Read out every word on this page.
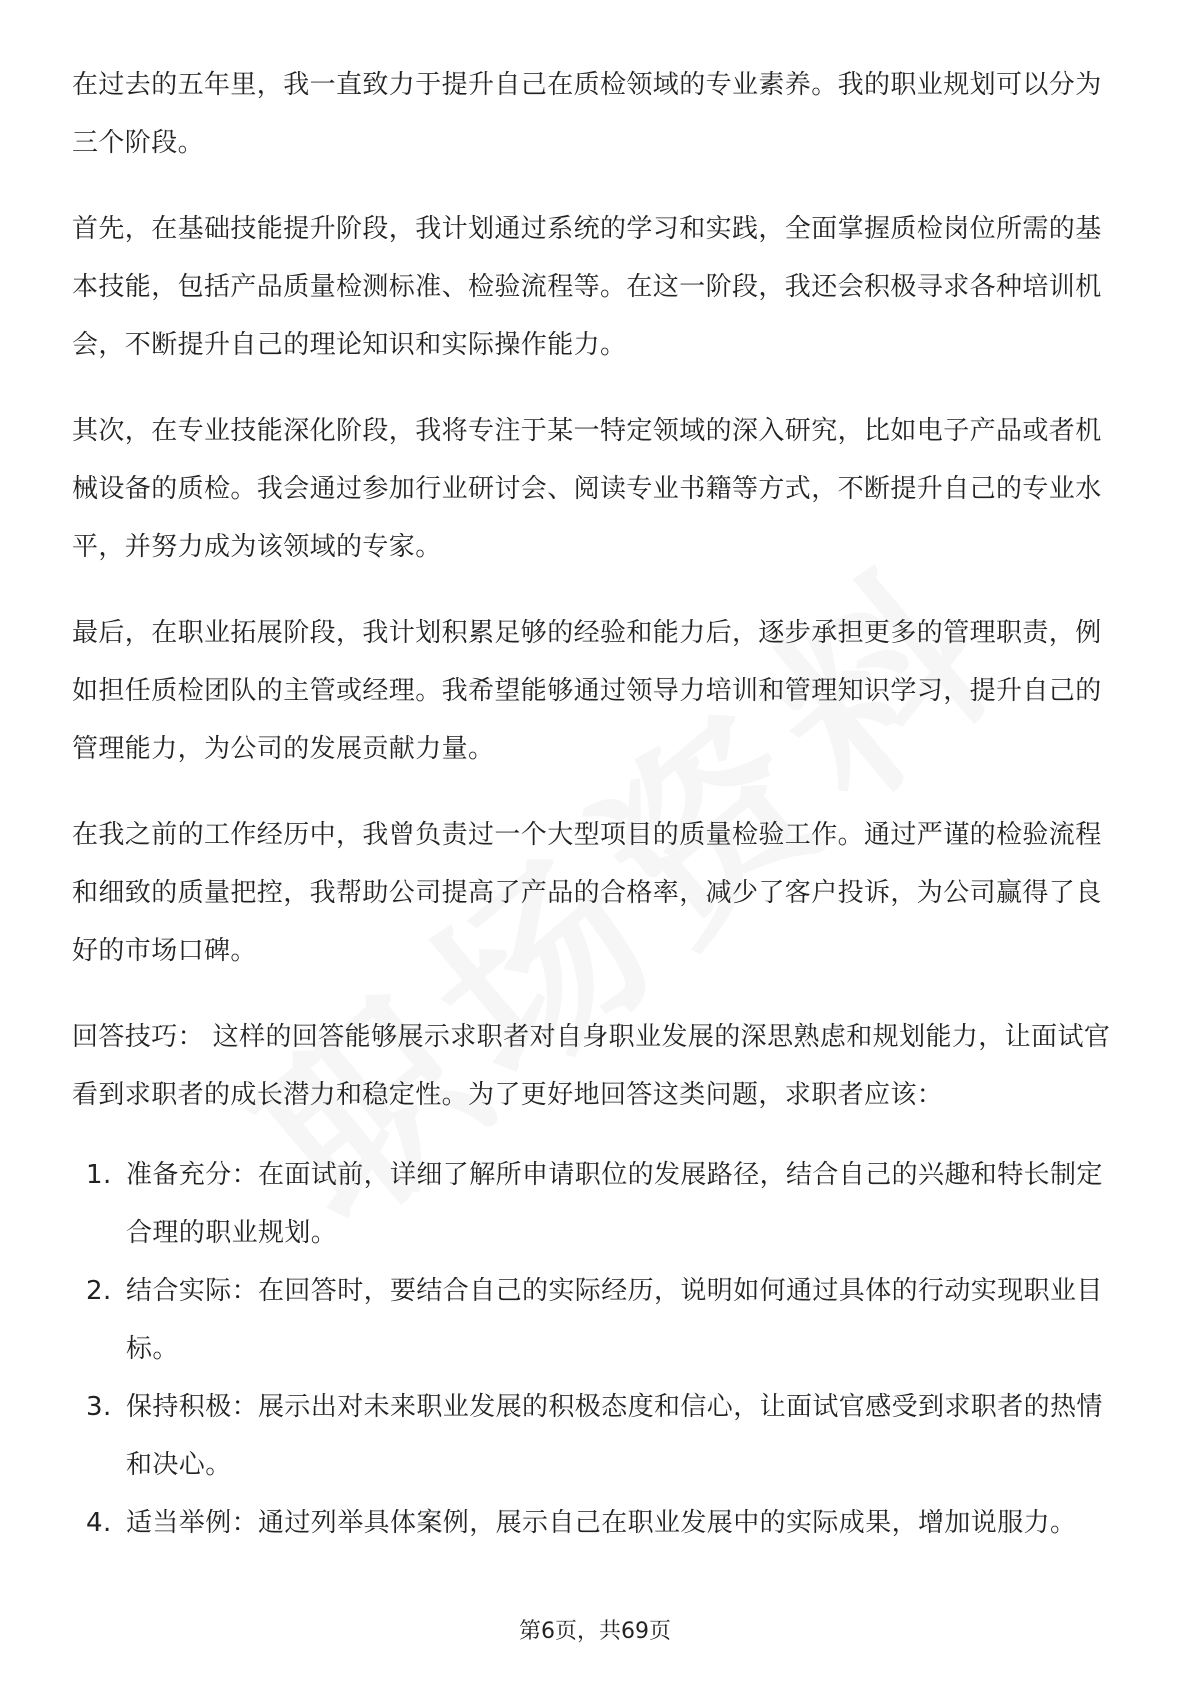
在过去的五年里，我一直致力于提升自己在质检领域的专业素养。我的职业规划可以分为三个阶段。

首先，在基础技能提升阶段，我计划通过系统的学习和实践，全面掌握质检岗位所需的基本技能，包括产品质量检测标准、检验流程等。在这一阶段，我还会积极寻求各种培训机会，不断提升自己的理论知识和实际操作能力。

其次，在专业技能深化阶段，我将专注于某一特定领域的深入研究，比如电子产品或者机械设备的质检。我会通过参加行业研讨会、阅读专业书籍等方式，不断提升自己的专业水平，并努力成为该领域的专家。

最后，在职业拓展阶段，我计划积累足够的经验和能力后，逐步承担更多的管理职责，例如担任质检团队的主管或经理。我希望能够通过领导力培训和管理知识学习，提升自己的管理能力，为公司的发展贡献力量。

在我之前的工作经历中，我曾负责过一个大型项目的质量检验工作。通过严谨的检验流程和细致的质量把控，我帮助公司提高了产品的合格率，减少了客户投诉，为公司赢得了良好的市场口碑。

回答技巧： 这样的回答能够展示求职者对自身职业发展的深思熟虑和规划能力，让面试官看到求职者的成长潜力和稳定性。为了更好地回答这类问题，求职者应该：

1. 准备充分：在面试前，详细了解所申请职位的发展路径，结合自己的兴趣和特长制定合理的职业规划。
2. 结合实际：在回答时，要结合自己的实际经历，说明如何通过具体的行动实现职业目标。
3. 保持积极：展示出对未来职业发展的积极态度和信心，让面试官感受到求职者的热情和决心。
4. 适当举例：通过列举具体案例，展示自己在职业发展中的实际成果，增加说服力。
第6页，共69页
